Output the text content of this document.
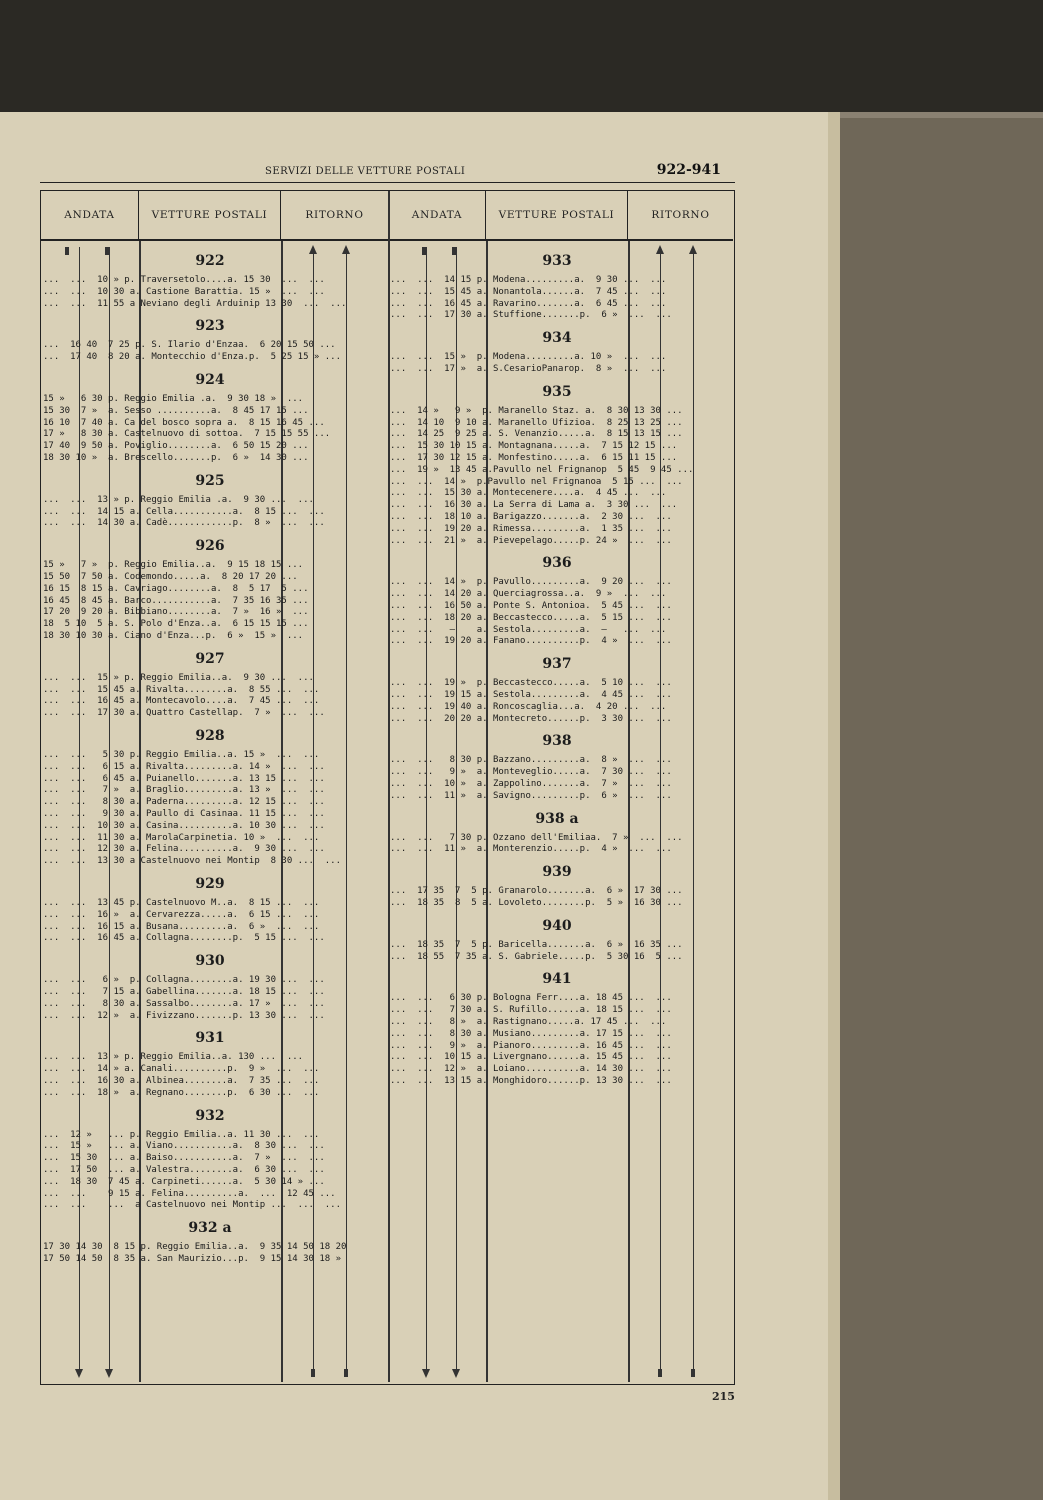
SERVIZI DELLE VETTURE POSTALI	922-941
ANDATA	VETTURE POSTALI	RITORNO
922
...  ...  10 » p. Traversetolo....a. 15 30  ...  ...
...  ...  10 30 a. Castione Barattia. 15 »  ...  ...
...  ...  11 55 a Neviano degli Arduinip 13 30  ...  ...
923
...  16 40  7 25 p. S. Ilario d'Enzaa.  6 20 15 50 ...
...  17 40  8 20 a. Montecchio d'Enza.p.  5 25 15 » ...
924
15 »   6 30 p. Reggio Emilia .a.  9 30 18 »  ...
15 30  7 »  a. Sesso ..........a.  8 45 17 15 ...
16 10  7 40 a. Ca del bosco sopra a.  8 15 16 45 ...
17 »   8 30 a. Castelnuovo di sottoa.  7 15 15 55 ...
17 40  9 50 a. Poviglio........a.  6 50 15 20 ...
18 30 10 »  a. Brescello.......p.  6 »  14 30 ...
925
...  ...  13 » p. Reggio Emilia .a.  9 30 ...  ...
...  ...  14 15 a. Cella...........a.  8 15 ...  ...
...  ...  14 30 a. Cadè............p.  8 »  ...  ...
926
15 »   7 »  p. Reggio Emilia..a.  9 15 18 15 ...
15 50  7 50 a. Codemondo.....a.  8 20 17 20 ...
16 15  8 15 a. Cavriago........a.  8  5 17  5 ...
16 45  8 45 a. Barco...........a.  7 35 16 35 ...
17 20  9 20 a. Bibbiano........a.  7 »  16 »  ...
18  5 10  5 a. S. Polo d'Enza..a.  6 15 15 15 ...
18 30 10 30 a. Ciano d'Enza...p.  6 »  15 »  ...
927
...  ...  15 » p. Reggio Emilia..a.  9 30 ...  ...
...  ...  15 45 a. Rivalta........a.  8 55 ...  ...
...  ...  16 45 a. Montecavolo....a.  7 45 ...  ...
...  ...  17 30 a. Quattro Castellap.  7 »  ...  ...
928
...  ...   5 30 p. Reggio Emilia..a. 15 »  ...  ...
...  ...   6 15 a. Rivalta.........a. 14 »  ...  ...
...  ...   6 45 a. Puianello.......a. 13 15 ...  ...
...  ...   7 »  a. Braglio.........a. 13 »  ...  ...
...  ...   8 30 a. Paderna.........a. 12 15 ...  ...
...  ...   9 30 a. Paullo di Casinaa. 11 15 ...  ...
...  ...  10 30 a. Casina..........a. 10 30 ...  ...
...  ...  11 30 a. MarolaCarpinetia. 10 »  ...  ...
...  ...  12 30 a. Felina..........a.  9 30 ...  ...
...  ...  13 30 a Castelnuovo nei Montip  8 30 ...  ...
929
...  ...  13 45 p. Castelnuovo M..a.  8 15 ...  ...
...  ...  16 »  a. Cervarezza.....a.  6 15 ...  ...
...  ...  16 15 a. Busana.........a.  6 »  ...  ...
...  ...  16 45 a. Collagna........p.  5 15 ...  ...
930
...  ...   6 »  p. Collagna........a. 19 30 ...  ...
...  ...   7 15 a. Gabellina.......a. 18 15 ...  ...
...  ...   8 30 a. Sassalbo........a. 17 »  ...  ...
...  ...  12 »  a. Fivizzano.......p. 13 30 ...  ...
931
...  ...  13 » p. Reggio Emilia..a. 130 ...  ...
...  ...  14 » a. Canali..........p.  9 »  ...  ...
...  ...  16 30 a. Albinea........a.  7 35 ...  ...
...  ...  18 »  a. Regnano........p.  6 30 ...  ...
932
...  12 »   ... p. Reggio Emilia..a. 11 30 ...  ...
...  15 »   ... a. Viano...........a.  8 30 ...  ...
...  15 30  ... a. Baiso...........a.  7 »  ...  ...
...  17 50  ... a. Valestra........a.  6 30 ...  ...
...  18 30  7 45 a. Carpineti......a.  5 30 14 » ...
...  ...    9 15 a. Felina..........a.  ...  12 45 ...
...  ...    ...  a Castelnuovo nei Montip ...  ...  ...
932 a
17 30 14 30  8 15 p. Reggio Emilia..a.  9 35 14 50 18 20
17 50 14 50  8 35 a. San Maurizio...p.  9 15 14 30 18 »
ANDATA	VETTURE POSTALI	RITORNO
933
...  ...  14 15 p. Modena.........a.  9 30 ...  ...
...  ...  15 45 a. Nonantola......a.  7 45 ...  ...
...  ...  16 45 a. Ravarino.......a.  6 45 ...  ...
...  ...  17 30 a. Stuffione.......p.  6 »  ...  ...
934
...  ...  15 »  p. Modena.........a. 10 »  ...  ...
...  ...  17 »  a. S.CesarioPanarop.  8 »  ...  ...
935
...  14 »   9 »  p. Maranello Staz. a.  8 30 13 30 ...
...  14 10  9 10 a. Maranello Ufizioa.  8 25 13 25 ...
...  14 25  9 25 a. S. Venanzio.....a.  8 15 13 15 ...
...  15 30 10 15 a. Montagnana.....a.  7 15 12 15 ...
...  17 30 12 15 a. Monfestino.....a.  6 15 11 15 ...
...  19 »  13 45 a.Pavullo nel Frignanop  5 45  9 45 ...
...  ...  14 »  p.Pavullo nel Frignanoa  5 15 ...  ...
...  ...  15 30 a. Montecenere....a.  4 45 ...  ...
...  ...  16 30 a. La Serra di Lama a.  3 30 ...  ...
...  ...  18 10 a. Barigazzo.......a.  2 30 ...  ...
...  ...  19 20 a. Rimessa.........a.  1 35 ...  ...
...  ...  21 »  a. Pievepelago.....p. 24 »  ...  ...
936
...  ...  14 »  p. Pavullo.........a.  9 20 ...  ...
...  ...  14 20 a. Querciagrossa..a.  9 »  ...  ...
...  ...  16 50 a. Ponte S. Antonioa.  5 45 ...  ...
...  ...  18 20 a. Beccastecco.....a.  5 15 ...  ...
...  ...   —    a. Sestola.........a.  —   ...  ...
...  ...  19 20 a. Fanano..........p.  4 »  ...  ...
937
...  ...  19 »  p. Beccastecco.....a.  5 10 ...  ...
...  ...  19 15 a. Sestola.........a.  4 45 ...  ...
...  ...  19 40 a. Roncoscaglia...a.  4 20 ...  ...
...  ...  20 20 a. Montecreto......p.  3 30 ...  ...
938
...  ...   8 30 p. Bazzano.........a.  8 »  ...  ...
...  ...   9 »  a. Monteveglio.....a.  7 30 ...  ...
...  ...  10 »  a. Zappolino.......a.  7 »  ...  ...
...  ...  11 »  a. Savigno.........p.  6 »  ...  ...
938 a
...  ...   7 30 p. Ozzano dell'Emiliaa.  7 »  ...  ...
...  ...  11 »  a. Monterenzio.....p.  4 »  ...  ...
939
...  17 35  7  5 p. Granarolo.......a.  6 »  17 30 ...
...  18 35  8  5 a. Lovoleto........p.  5 »  16 30 ...
940
...  18 35  7  5 p. Baricella.......a.  6 »  16 35 ...
...  18 55  7 35 a. S. Gabriele.....p.  5 30 16  5 ...
941
...  ...   6 30 p. Bologna Ferr....a. 18 45 ...  ...
...  ...   7 30 a. S. Rufillo......a. 18 15 ...  ...
...  ...   8 »  a. Rastignano.....a. 17 45 ...  ...
...  ...   8 30 a. Musiano.........a. 17 15 ...  ...
...  ...   9 »  a. Pianoro.........a. 16 45 ...  ...
...  ...  10 15 a. Livergnano......a. 15 45 ...  ...
...  ...  12 »  a. Loiano..........a. 14 30 ...  ...
...  ...  13 15 a. Monghidoro......p. 13 30 ...  ...
215
